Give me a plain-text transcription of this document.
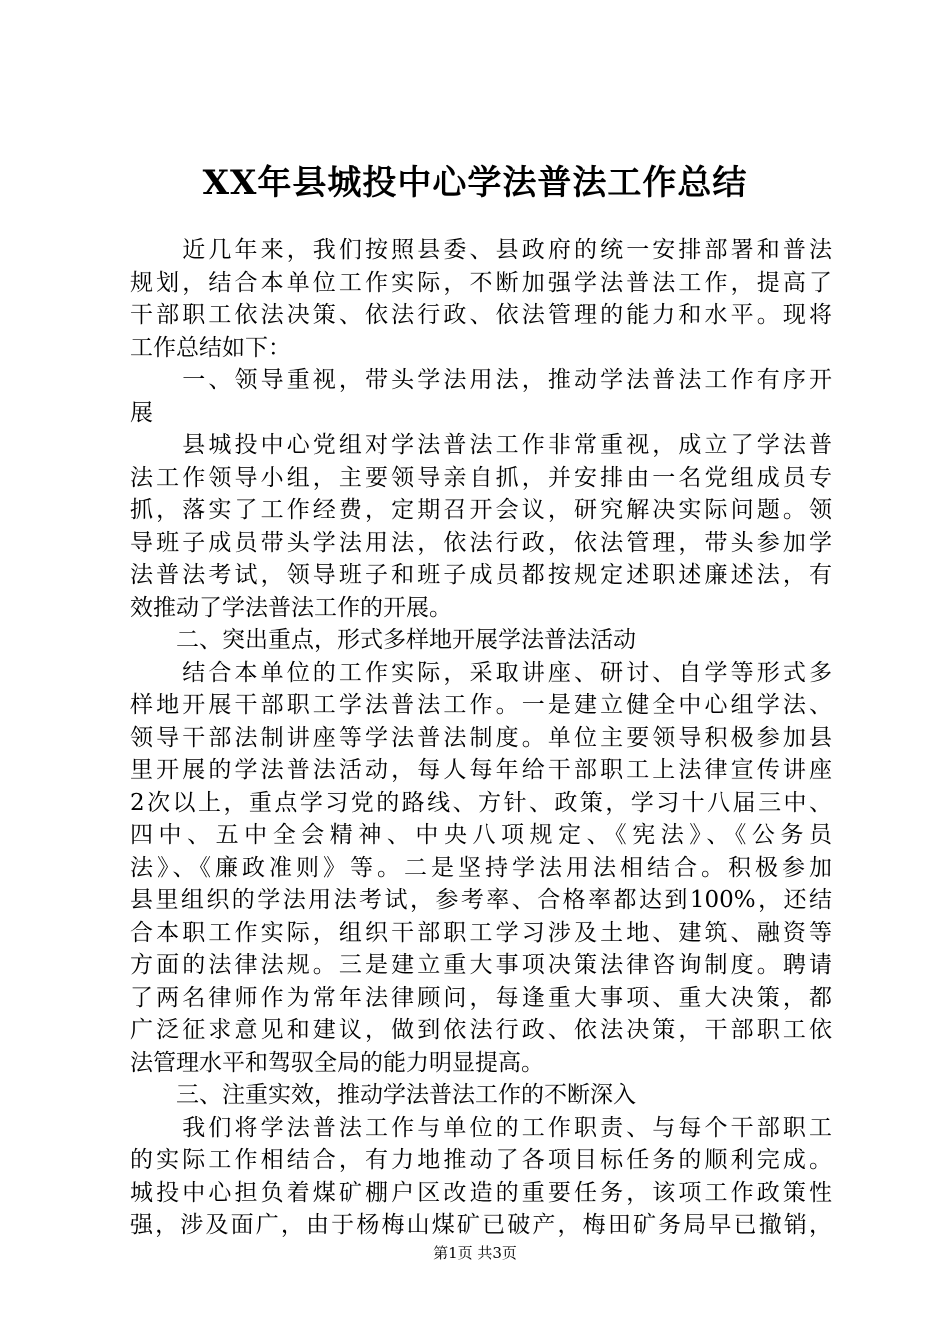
XX年县城投中心学法普法工作总结
　　近几年来，我们按照县委、县政府的统一安排部署和普法
规划，结合本单位工作实际，不断加强学法普法工作，提高了
干部职工依法决策、依法行政、依法管理的能力和水平。现将
工作总结如下：
　　一、领导重视，带头学法用法，推动学法普法工作有序开
展
　　县城投中心党组对学法普法工作非常重视，成立了学法普
法工作领导小组，主要领导亲自抓，并安排由一名党组成员专
抓，落实了工作经费，定期召开会议，研究解决实际问题。领
导班子成员带头学法用法，依法行政，依法管理，带头参加学
法普法考试，领导班子和班子成员都按规定述职述廉述法，有
效推动了学法普法工作的开展。
　　二、突出重点，形式多样地开展学法普法活动
　　结合本单位的工作实际，采取讲座、研讨、自学等形式多
样地开展干部职工学法普法工作。一是建立健全中心组学法、
领导干部法制讲座等学法普法制度。单位主要领导积极参加县
里开展的学法普法活动，每人每年给干部职工上法律宣传讲座
2次以上，重点学习党的路线、方针、政策，学习十八届三中、
四中、五中全会精神、中央八项规定、《宪法》、《公务员
法》、《廉政准则》等。二是坚持学法用法相结合。积极参加
县里组织的学法用法考试，参考率、合格率都达到100%，还结
合本职工作实际，组织干部职工学习涉及土地、建筑、融资等
方面的法律法规。三是建立重大事项决策法律咨询制度。聘请
了两名律师作为常年法律顾问，每逢重大事项、重大决策，都
广泛征求意见和建议，做到依法行政、依法决策，干部职工依
法管理水平和驾驭全局的能力明显提高。
　　三、注重实效，推动学法普法工作的不断深入
　　我们将学法普法工作与单位的工作职责、与每个干部职工
的实际工作相结合，有力地推动了各项目标任务的顺利完成。
城投中心担负着煤矿棚户区改造的重要任务，该项工作政策性
强，涉及面广，由于杨梅山煤矿已破产，梅田矿务局早已撤销，
第1页 共3页
